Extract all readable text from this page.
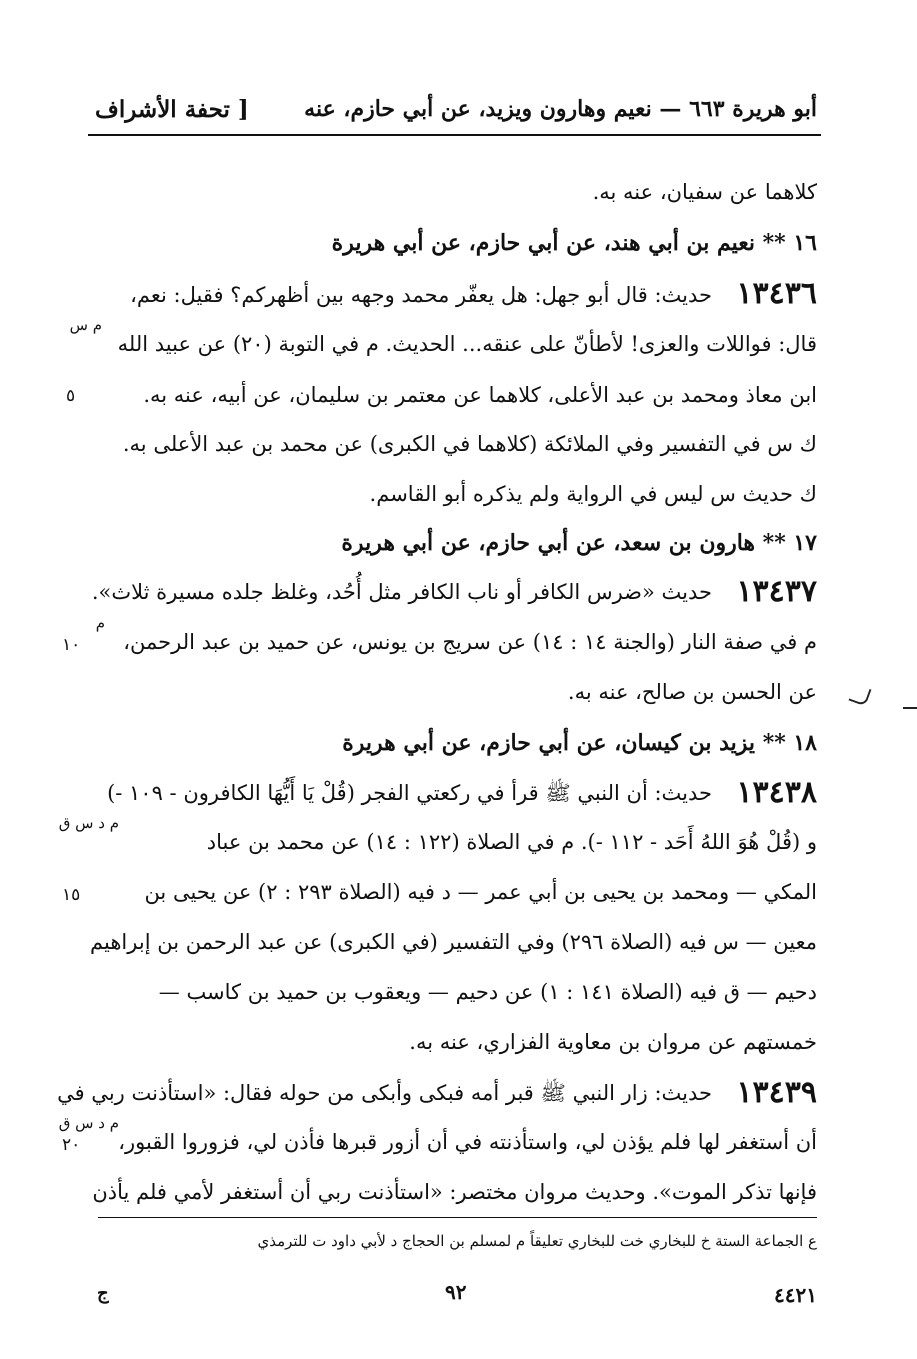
أبو هريرة ٦٦٣ — نعيم وهارون ويزيد، عن أبي حازم، عنه
[ تحفة الأشراف
كلاهما عن سفيان، عنه به.
١٦ ** نعيم بن أبي هند، عن أبي حازم، عن أبي هريرة
١٣٤٣٦
حديث: قال أبو جهل: هل يعفّر محمد وجهه بين أظهركم؟ فقيل: نعم،
م س
قال: فواللات والعزى! لأطأنّ على عنقه... الحديث. م في التوبة (٢٠) عن عبيد الله
ابن معاذ ومحمد بن عبد الأعلى، كلاهما عن معتمر بن سليمان، عن أبيه، عنه به.
٥
ك س في التفسير وفي الملائكة (كلاهما في الكبرى) عن محمد بن عبد الأعلى به.
ك حديث س ليس في الرواية ولم يذكره أبو القاسم.
١٧ ** هارون بن سعد، عن أبي حازم، عن أبي هريرة
١٣٤٣٧
حديث «ضرس الكافر أو ناب الكافر مثل أُحُد، وغلظ جلده مسيرة ثلاث».
م
م في صفة النار (والجنة ١٤ : ١٤) عن سريج بن يونس، عن حميد بن عبد الرحمن،
١٠
عن الحسن بن صالح، عنه به.
١٨ ** يزيد بن كيسان، عن أبي حازم، عن أبي هريرة
١٣٤٣٨
حديث: أن النبي ﷺ قرأ في ركعتي الفجر (قُلْ يَا أَيُّهَا الكافرون - ١٠٩ -)
م د س ق
و (قُلْ هُوَ اللهُ أَحَد - ١١٢ -). م في الصلاة (١٢٢ : ١٤) عن محمد بن عباد
المكي — ومحمد بن يحيى بن أبي عمر — د فيه (الصلاة ٢٩٣ : ٢) عن يحيى بن
١٥
معين — س فيه (الصلاة ٢٩٦) وفي التفسير (في الكبرى) عن عبد الرحمن بن إبراهيم
دحيم — ق فيه (الصلاة ١٤١ : ١) عن دحيم — ويعقوب بن حميد بن كاسب —
خمستهم عن مروان بن معاوية الفزاري، عنه به.
١٣٤٣٩
حديث: زار النبي ﷺ قبر أمه فبكى وأبكى من حوله فقال: «استأذنت ربي في
م د س ق
أن أستغفر لها فلم يؤذن لي، واستأذنته في أن أزور قبرها فأذن لي، فزوروا القبور،
٢٠
فإنها تذكر الموت». وحديث مروان مختصر: «استأذنت ربي أن أستغفر لأمي فلم يأذن
ع الجماعة الستة خ للبخاري خت للبخاري تعليقاً م لمسلم بن الحجاج د لأبي داود ت للترمذي
٤٤٢١
٩٢
ج
